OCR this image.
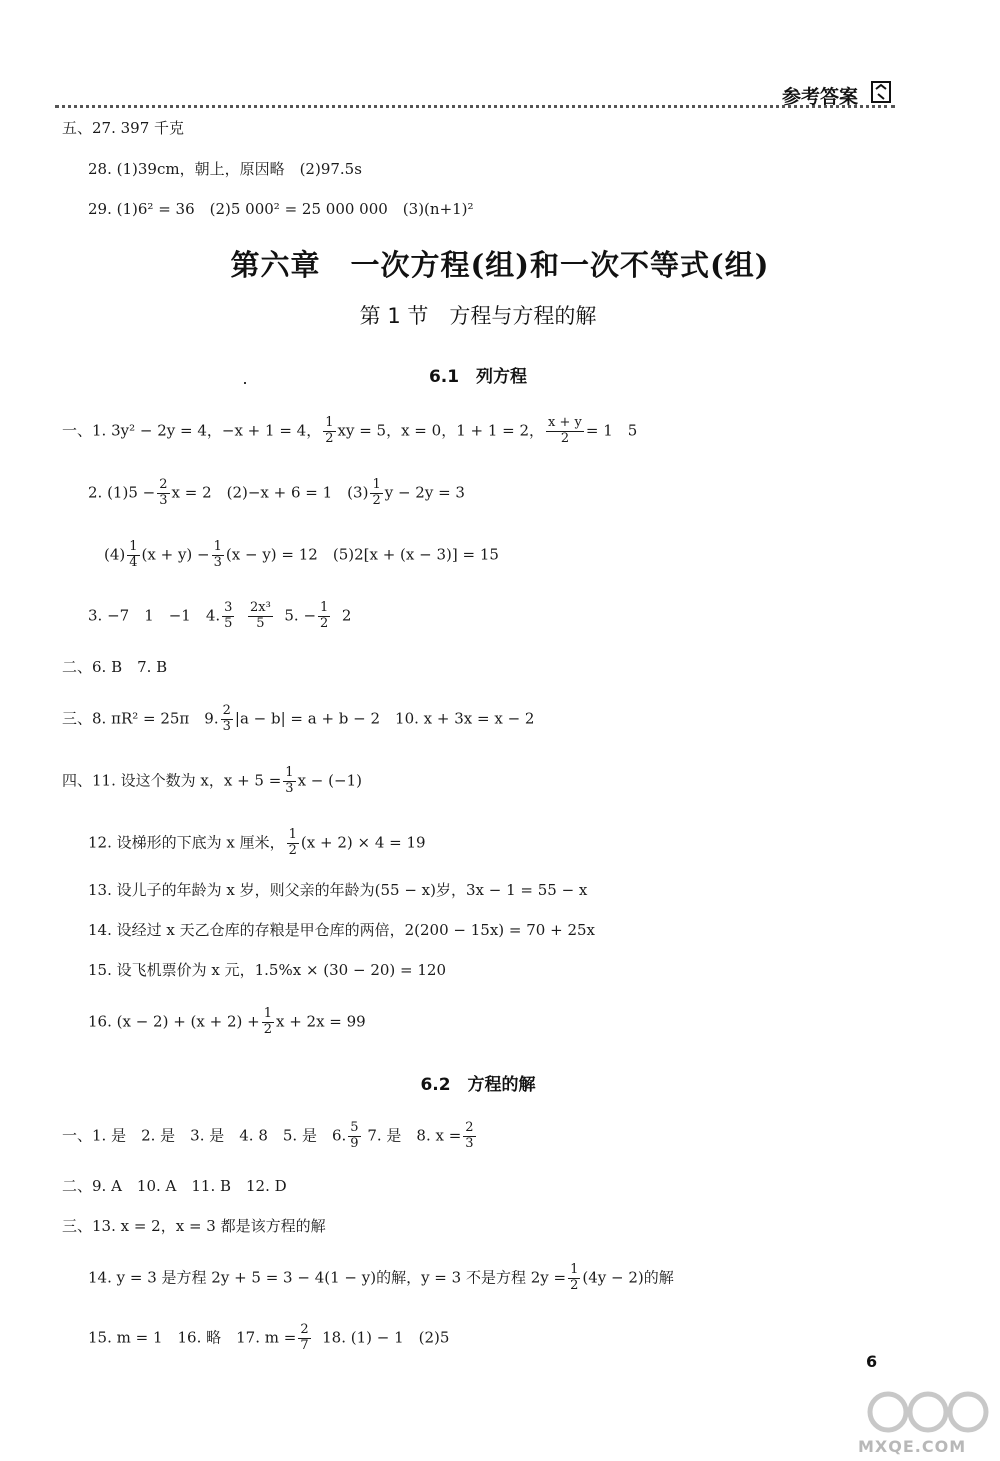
参考答案
五、27. 397 千克
28. (1)39cm，朝上，原因略　(2)97.5s
29. (1)6² = 36　(2)5 000² = 25 000 000　(3)(n+1)²
第六章　一次方程(组)和一次不等式(组)
第 1 节　方程与方程的解
6.1　列方程
一、1. 3y² − 2y = 4，−x + 1 = 4， $\frac{1}{2}$ xy = 5，x = 0，1 + 1 = 2， $\frac{x + y}{2} = 1$　5
2. $(1)5 - \frac{2}{3}$ x = 2　(2)−x + 6 = 1　$(3) \frac{1}{2}$ y − 2y = 3
$(4) \frac{1}{4} (x + y) - \frac{1}{3} (x - y) = 12$　(5)2[x + (x − 3)] = 15
3. −7　1　−1　4. $\frac{3}{5}$
$\frac{\text{2x³}}{5} 5$. − $\frac{1}{2} 2$
二、6. B　7. B
三、8. πR² = 25π　9. $\frac{2}{3} |a - b| = a + b - 2$　10. x + 3x = x − 2
四、11. 设这个数为 x，$x + 5 = \frac{1}{3}$ x − (−1)
12. 设梯形的下底为 x 厘米， $\frac{1}{2} (x + 2) \times 4 = 19$
13. 设儿子的年龄为 x 岁，则父亲的年龄为(55 − x)岁，3x − 1 = 55 − x
14. 设经过 x 天乙仓库的存粮是甲仓库的两倍，2(200 − 15x) = 70 + 25x
15. 设飞机票价为 x 元，1.5%x × (30 − 20) = 120
16. $(x - 2) + (x + 2) + \frac{1}{2}$ x + 2x = 99
6.2　方程的解
一、1. 是　2. 是　3. 是　4. 8　5. 是　6. $\frac{5}{9} 7$. 是　8. $x = \frac{2}{3}$
二、9. A　10. A　11. B　12. D
三、13. x = 2，x = 3 都是该方程的解
14. y = 3 是方程 2y + 5 = 3 − 4(1 − y)的解，y = 3 不是方程 $2y = \frac{1}{2} (4y - 2)$的解
15. m = 1　16. 略　17. $m = \frac{2}{7} 18$. (1) − 1　(2)5
6
MXQE.COM
